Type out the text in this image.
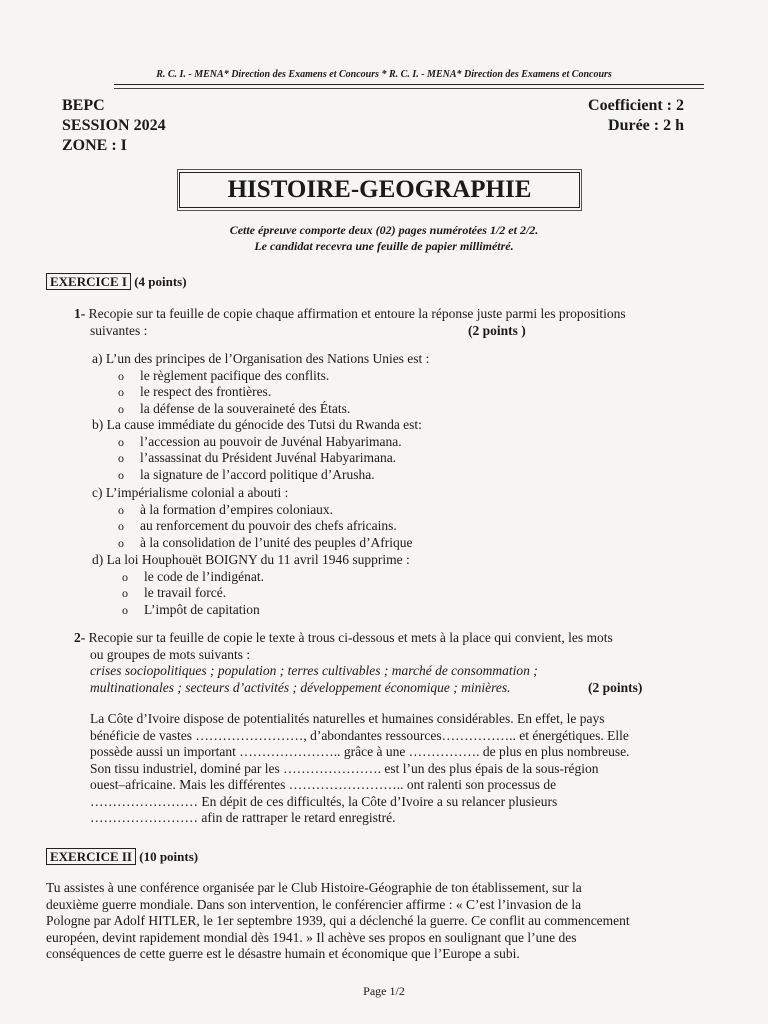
R. C. I. - MENA* Direction des Examens et Concours * R. C. I. - MENA* Direction des Examens et Concours
BEPC
SESSION 2024
ZONE : I
Coefficient : 2
Durée : 2 h
HISTOIRE-GEOGRAPHIE
Cette épreuve comporte deux (02) pages numérotées 1/2 et 2/2.
Le candidat recevra une feuille de papier millimétré.
EXERCICE I (4 points)
1- Recopie sur ta feuille de copie chaque affirmation et entoure la réponse juste parmi les propositions
suivantes :	(2 points )
a) L’un des principes de l’Organisation des Nations Unies est :
o	le règlement pacifique des conflits.
o	le respect des frontières.
o	la défense de la souveraineté des États.
b) La cause immédiate du génocide des Tutsi du Rwanda est:
o	l’accession au pouvoir de Juvénal Habyarimana.
o	l’assassinat du Président Juvénal Habyarimana.
o	la signature de l’accord politique d’Arusha.
c) L’impérialisme colonial a abouti :
o	à la formation d’empires coloniaux.
o	au renforcement du pouvoir des chefs africains.
o	à la consolidation de l’unité des peuples d’Afrique
d) La loi Houphouët BOIGNY du 11 avril 1946 supprime :
o	le code de l’indigénat.
o	le travail forcé.
o	L’impôt de capitation
2- Recopie sur ta feuille de copie le texte à trous ci-dessous et mets à la place qui convient, les mots
ou groupes de mots suivants :
crises sociopolitiques ; population ; terres cultivables ; marché de consommation ;
multinationales ; secteurs d’activités ; développement économique ; minières.	(2 points)
La Côte d’Ivoire dispose de potentialités naturelles et humaines considérables. En effet, le pays
bénéficie de vastes ……………………, d’abondantes ressources…………….. et énergétiques. Elle
possède aussi un important ………………….. grâce à une ……………. de plus en plus nombreuse.
Son tissu industriel, dominé par les …………………. est l’un des plus épais de la sous-région
ouest–africaine. Mais les différentes …………………….. ont ralenti son processus de
…………………… En dépit de ces difficultés, la Côte d’Ivoire a su relancer plusieurs
…………………… afin de rattraper le retard enregistré.
EXERCICE II (10 points)
Tu assistes à une conférence organisée par le Club Histoire-Géographie de ton établissement, sur la
deuxième guerre mondiale. Dans son intervention, le conférencier affirme : « C’est l’invasion de la
Pologne par Adolf HITLER, le 1er septembre 1939, qui a déclenché la guerre. Ce conflit au commencement
européen, devint rapidement mondial dès 1941. » Il achève ses propos en soulignant que l’une des
conséquences de cette guerre est le désastre humain et économique que l’Europe a subi.
Page 1/2
